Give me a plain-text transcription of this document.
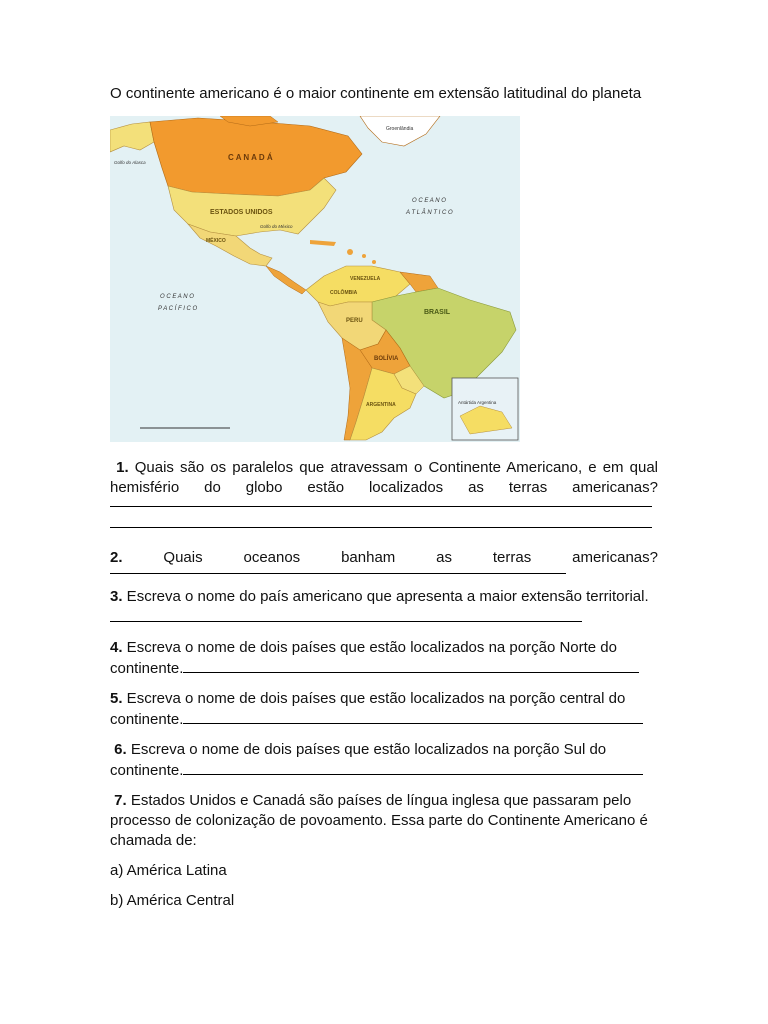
O continente americano é o maior continente em extensão latitudinal do planeta

C A N A D Á
ESTADOS UNIDOS
O C E A N O
A T L Â N T I C O
O C E A N O
P A C Í F I C O	BRASIL
PERU
BOLÍVIA
ARGENTINA
VENEZUELA
COLÔMBIA
MÉXICO
Golfo do México
Golfo do Alasca
Groenlândia
Antártida Argentina

1. Quais são os paralelos que atravessam o Continente Americano, e em qual hemisfério do globo estão localizados as terras americanas?

2.	Quais oceanos banham as terras americanas?

3. Escreva o nome do país americano que apresenta a maior extensão territorial.

4. Escreva o nome de dois países que estão localizados na porção Norte do continente.

5. Escreva o nome de dois países que estão localizados na porção central do continente.

6. Escreva o nome de dois países que estão localizados na porção Sul do continente.

7. Estados Unidos e Canadá são países de língua inglesa que passaram pelo processo de colonização de povoamento. Essa parte do Continente Americano é chamada de:

a) América Latina

b) América Central
